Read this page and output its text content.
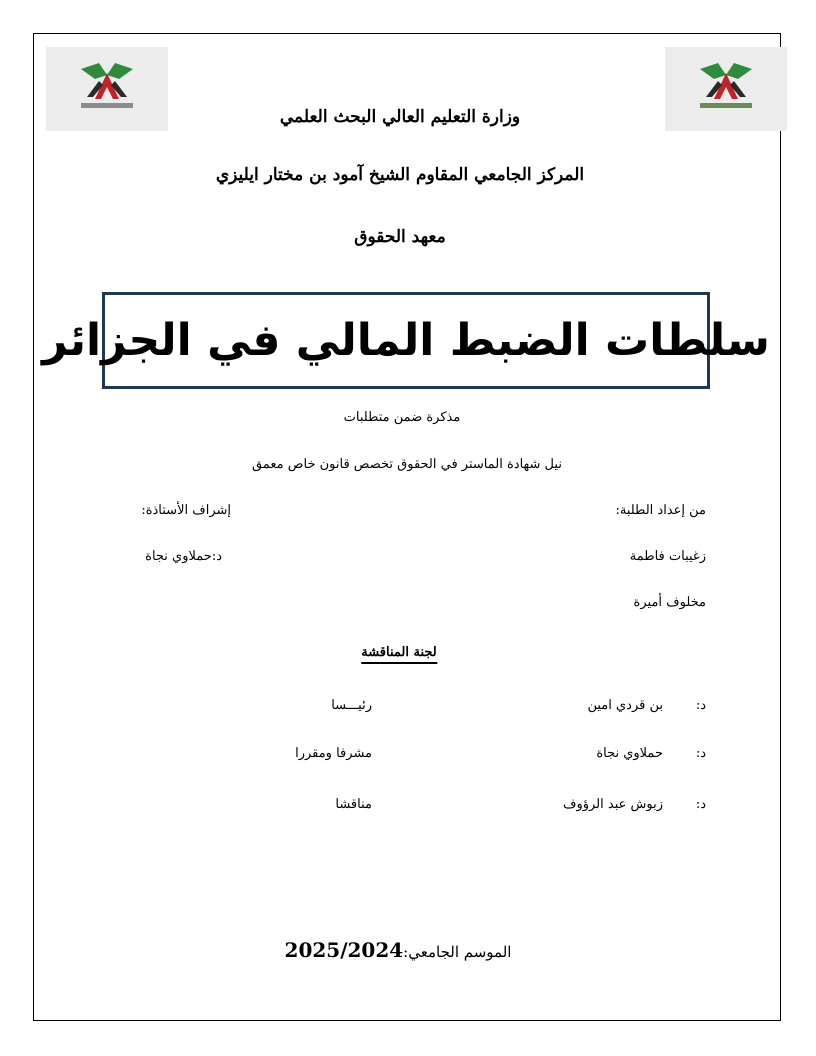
وزارة التعليم العالي البحث العلمي
المركز الجامعي المقاوم الشيخ آمود بن مختار ايليزي
معهد الحقوق
سلطات الضبط المالي في الجزائر
مذكرة ضمن متطلبات
نيل شهادة الماستر في الحقوق تخصص قانون خاص معمق
من إعداد الطلبة:
إشراف الأستاذة:
زغيبات فاطمة
د:حملاوي نجاة
مخلوف أميرة
لجنة المناقشة
د:
بن قردي امين
رئيـــسا
د:
حملاوي نجاة
مشرفا ومقررا
د:
زبوش عبد الرؤوف
مناقشا
الموسم الجامعي:2025/2024
